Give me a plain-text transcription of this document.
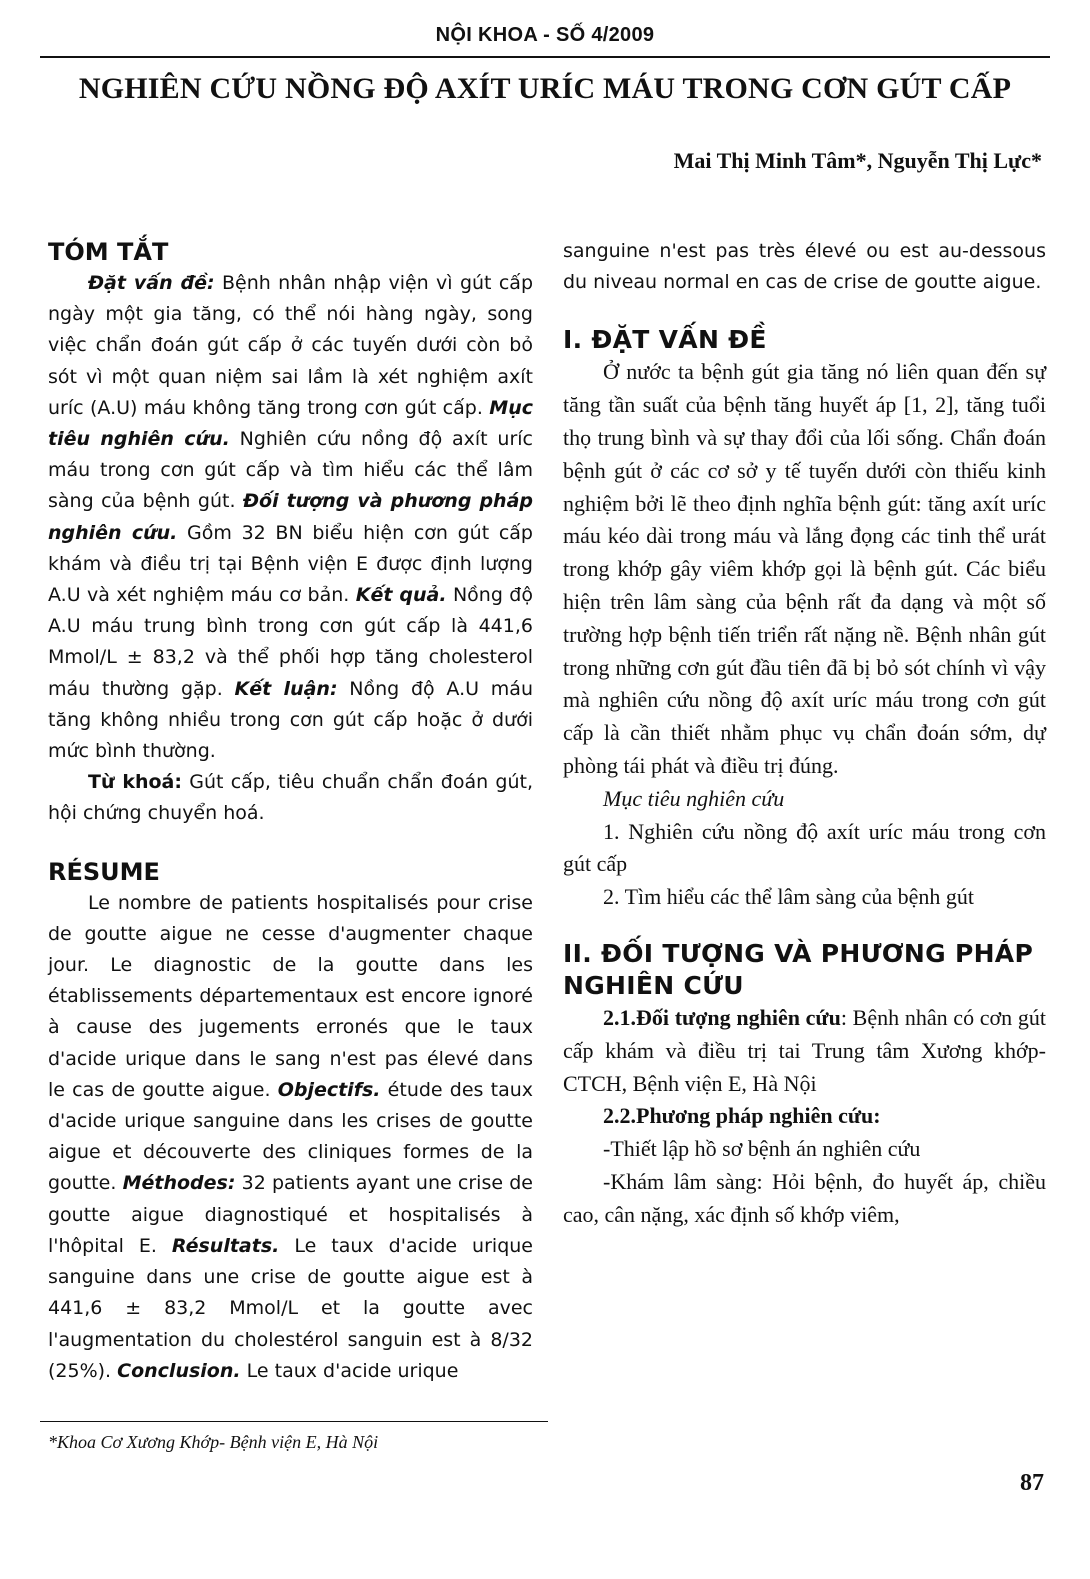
NỘI KHOA - SỐ 4/2009
NGHIÊN CỨU NỒNG ĐỘ AXÍT URÍC MÁU TRONG CƠN GÚT CẤP
Mai Thị Minh Tâm*, Nguyễn Thị Lực*
TÓM TẮT

Đặt vấn đề: Bệnh nhân nhập viện vì gút cấp ngày một gia tăng, có thể nói hàng ngày, song việc chẩn đoán gút cấp ở các tuyến dưới còn bỏ sót vì một quan niệm sai lầm là xét nghiệm axít uríc (A.U) máu không tăng trong cơn gút cấp. Mục tiêu nghiên cứu. Nghiên cứu nồng độ axít uríc máu trong cơn gút cấp và tìm hiểu các thể lâm sàng của bệnh gút. Đối tượng và phương pháp nghiên cứu. Gồm 32 BN biểu hiện cơn gút cấp khám và điều trị tại Bệnh viện E được định lượng A.U và xét nghiệm máu cơ bản. Kết quả. Nồng độ A.U máu trung bình trong cơn gút cấp là 441,6 Mmol/L ± 83,2 và thể phối hợp tăng cholesterol máu thường gặp. Kết luận: Nồng độ A.U máu tăng không nhiều trong cơn gút cấp hoặc ở dưới mức bình thường.

Từ khoá: Gút cấp, tiêu chuẩn chẩn đoán gút, hội chứng chuyển hoá.

RÉSUME

Le nombre de patients hospitalisés pour crise de goutte aigue ne cesse d'augmenter chaque jour. Le diagnostic de la goutte dans les établissements départementaux est encore ignoré à cause des jugements erronés que le taux d'acide urique dans le sang n'est pas élevé dans le cas de goutte aigue. Objectifs. étude des taux d'acide urique sanguine dans les crises de goutte aigue et découverte des cliniques formes de la goutte. Méthodes: 32 patients ayant une crise de goutte aigue diagnostiqué et hospitalisés à l'hôpital E. Résultats. Le taux d'acide urique sanguine dans une crise de goutte aigue est à 441,6 ± 83,2 Mmol/L et la goutte avec l'augmentation du cholestérol sanguin est à 8/32 (25%). Conclusion. Le taux d'acide urique

sanguine n'est pas très élevé ou est au-dessous du niveau normal en cas de crise de goutte aigue.

I. ĐẶT VẤN ĐỀ

Ở nước ta bệnh gút gia tăng nó liên quan đến sự tăng tần suất của bệnh tăng huyết áp [1, 2], tăng tuổi thọ trung bình và sự thay đổi của lối sống. Chẩn đoán bệnh gút ở các cơ sở y tế tuyến dưới còn thiếu kinh nghiệm bởi lẽ theo định nghĩa bệnh gút: tăng axít uríc máu kéo dài trong máu và lắng đọng các tinh thể urát trong khớp gây viêm khớp gọi là bệnh gút. Các biểu hiện trên lâm sàng của bệnh rất đa dạng và một số trường hợp bệnh tiến triển rất nặng nề. Bệnh nhân gút trong những cơn gút đầu tiên đã bị bỏ sót chính vì vậy mà nghiên cứu nồng độ axít uríc máu trong cơn gút cấp là cần thiết nhằm phục vụ chẩn đoán sớm, dự phòng tái phát và điều trị đúng.

Mục tiêu nghiên cứu

1. Nghiên cứu nồng độ axít uríc máu trong cơn gút cấp

2. Tìm hiểu các thể lâm sàng của bệnh gút

II. ĐỐI TƯỢNG VÀ PHƯƠNG PHÁP NGHIÊN CỨU

2.1.Đối tượng nghiên cứu: Bệnh nhân có cơn gút cấp khám và điều trị tai Trung tâm Xương khớp-CTCH, Bệnh viện E, Hà Nội

2.2.Phương pháp nghiên cứu:

-Thiết lập hồ sơ bệnh án nghiên cứu

-Khám lâm sàng: Hỏi bệnh, đo huyết áp, chiều cao, cân nặng, xác định số khớp viêm,

*Khoa Cơ Xương Khớp- Bệnh viện E, Hà Nội
87
